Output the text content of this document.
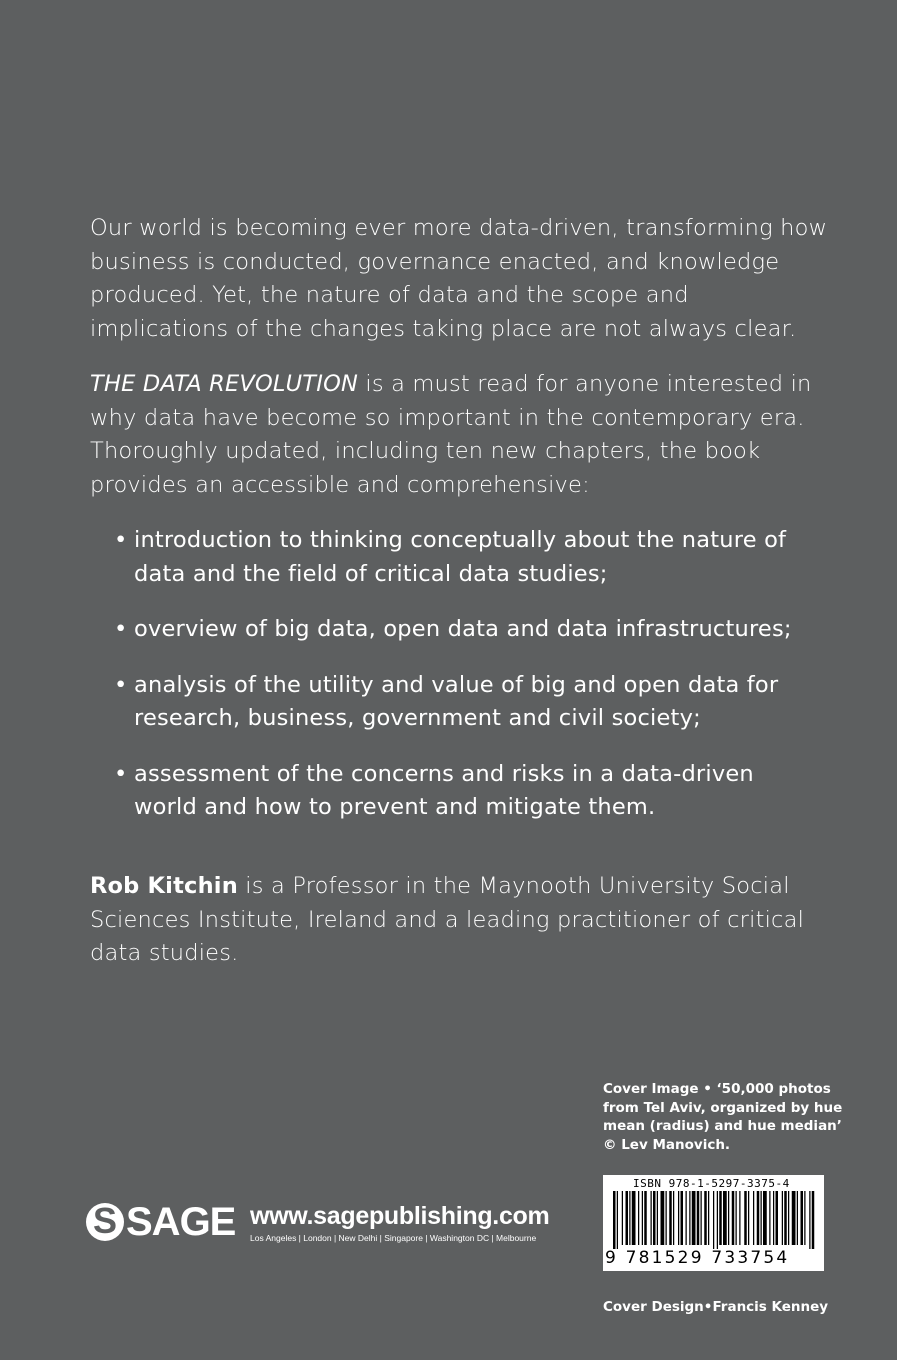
Our world is becoming ever more data-driven, transforming how business is conducted, governance enacted, and knowledge produced. Yet, the nature of data and the scope and implications of the changes taking place are not always clear.

THE DATA REVOLUTION is a must read for anyone interested in why data have become so important in the contemporary era. Thoroughly updated, including ten new chapters, the book provides an accessible and comprehensive:

• introduction to thinking conceptually about the nature of data and the field of critical data studies;
• overview of big data, open data and data infrastructures;
• analysis of the utility and value of big and open data for research, business, government and civil society;
• assessment of the concerns and risks in a data-driven world and how to prevent and mitigate them.

Rob Kitchin is a Professor in the Maynooth University Social Sciences Institute, Ireland and a leading practitioner of critical data studies.

Cover Image • ‘50,000 photos from Tel Aviv, organized by hue mean (radius) and hue median’ © Lev Manovich.
S SAGE www.sagepublishing.com
Los Angeles | London | New Delhi | Singapore | Washington DC | Melbourne
ISBN 978-1-5297-3375-4
9 781529 733754
Cover Design • Francis Kenney
